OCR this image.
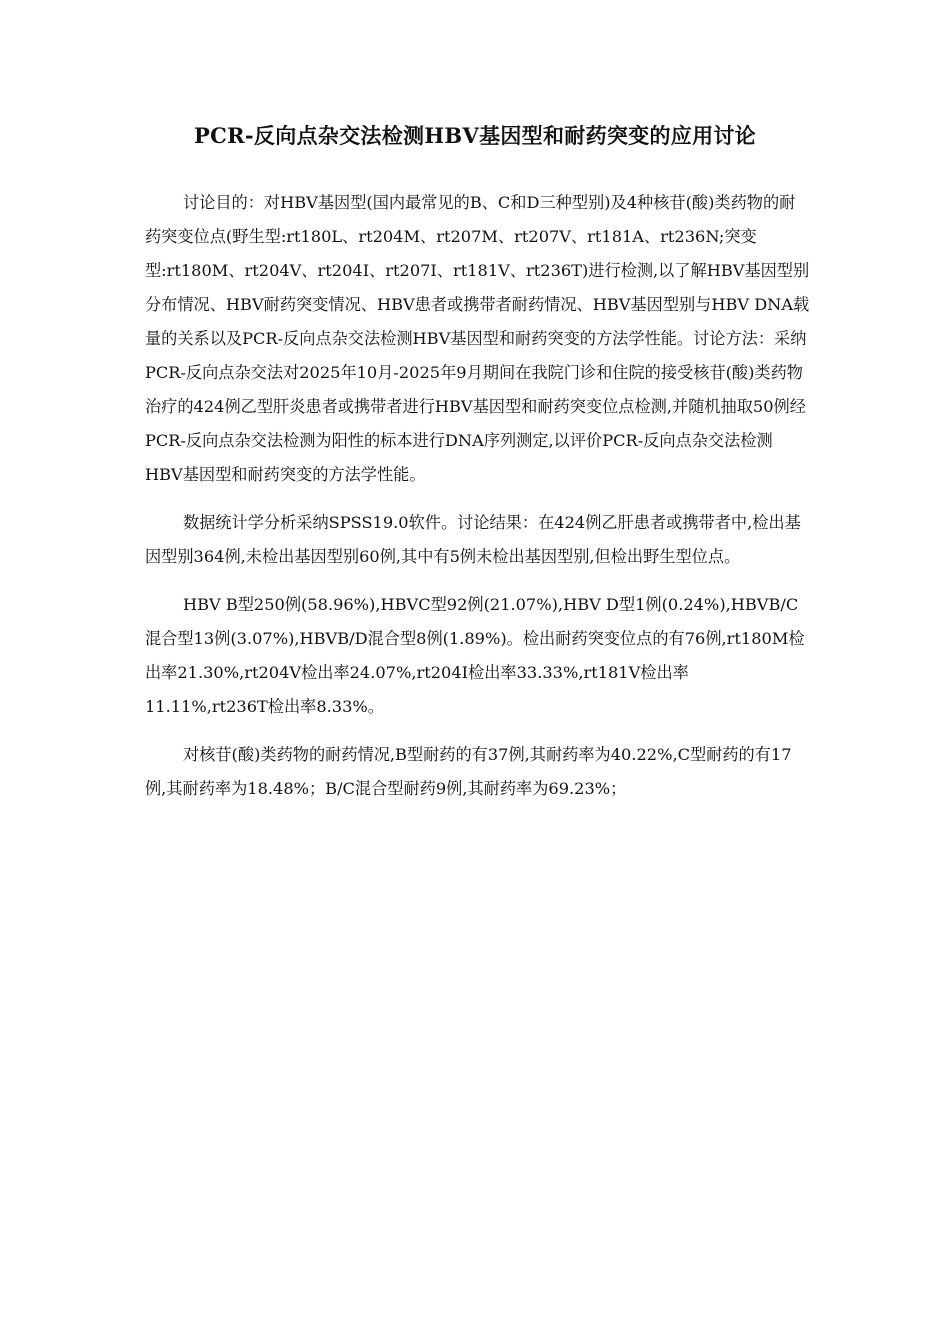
PCR-反向点杂交法检测HBV基因型和耐药突变的应用讨论

讨论目的：对HBV基因型(国内最常见的B、C和D三种型别)及4种核苷(酸)类药物的耐药突变位点(野生型:rt180L、rt204M、rt207M、rt207V、rt181A、rt236N;突变型:rt180M、rt204V、rt204I、rt207I、rt181V、rt236T)进行检测,以了解HBV基因型别分布情况、HBV耐药突变情况、HBV患者或携带者耐药情况、HBV基因型别与HBV DNA载量的关系以及PCR-反向点杂交法检测HBV基因型和耐药突变的方法学性能。讨论方法：采纳PCR-反向点杂交法对2025年10月-2025年9月期间在我院门诊和住院的接受核苷(酸)类药物治疗的424例乙型肝炎患者或携带者进行HBV基因型和耐药突变位点检测,并随机抽取50例经PCR-反向点杂交法检测为阳性的标本进行DNA序列测定,以评价PCR-反向点杂交法检测HBV基因型和耐药突变的方法学性能。

数据统计学分析采纳SPSS19.0软件。讨论结果：在424例乙肝患者或携带者中,检出基因型别364例,未检出基因型别60例,其中有5例未检出基因型别,但检出野生型位点。

HBV B型250例(58.96%),HBVC型92例(21.07%),HBV D型1例(0.24%),HBVB/C混合型13例(3.07%),HBVB/D混合型8例(1.89%)。检出耐药突变位点的有76例,rt180M检出率21.30%,rt204V检出率24.07%,rt204I检出率33.33%,rt181V检出率11.11%,rt236T检出率8.33%。

对核苷(酸)类药物的耐药情况,B型耐药的有37例,其耐药率为40.22%,C型耐药的有17例,其耐药率为18.48%；B/C混合型耐药9例,其耐药率为69.23%；
